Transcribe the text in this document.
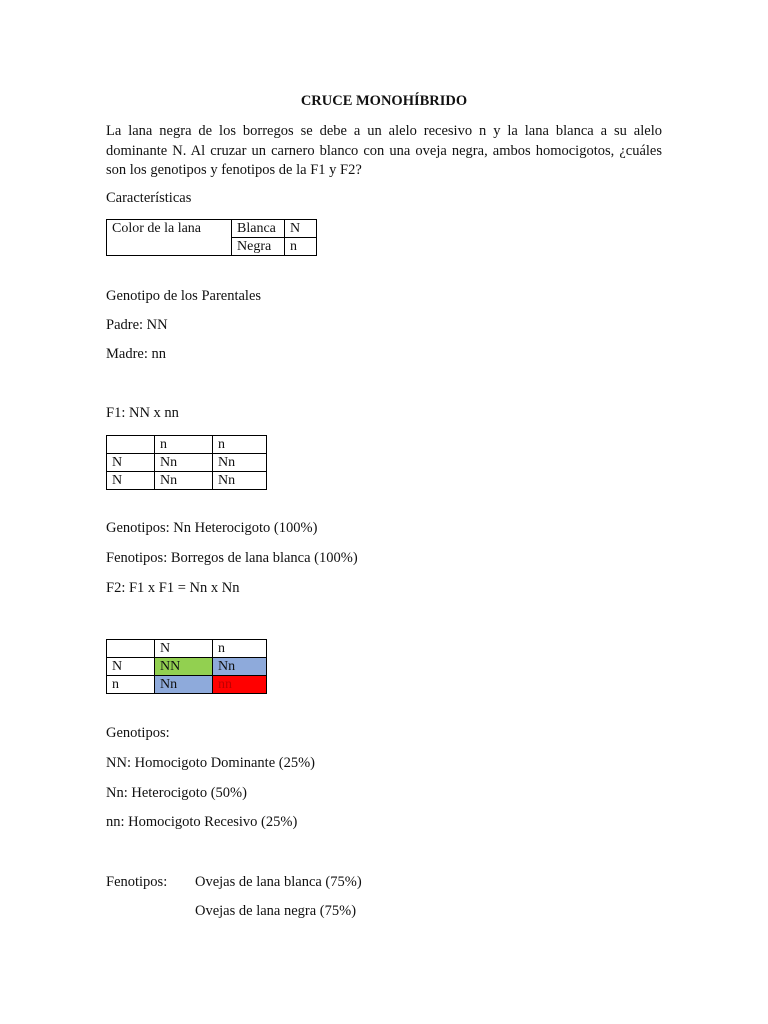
CRUCE MONOHÍBRIDO
La lana negra de los borregos se debe a un alelo recesivo n y la lana blanca a su alelo
dominante N. Al cruzar un carnero blanco con una oveja negra, ambos homocigotos, ¿cuáles
son los genotipos y fenotipos de la F1 y F2?
Características
Color de la lana	Blanca	N
	Negra	n
Genotipo de los Parentales
Padre: NN
Madre: nn
F1: NN x nn
	n	n
N	Nn	Nn
N	Nn	Nn
Genotipos: Nn Heterocigoto (100%)
Fenotipos: Borregos de lana blanca (100%)
F2: F1 x F1 = Nn x Nn
	N	n
N	NN	Nn
n	Nn	nn
Genotipos:
NN: Homocigoto Dominante (25%)
Nn: Heterocigoto (50%)
nn: Homocigoto Recesivo (25%)
Fenotipos: Ovejas de lana blanca (75%)
Ovejas de lana negra (75%)
